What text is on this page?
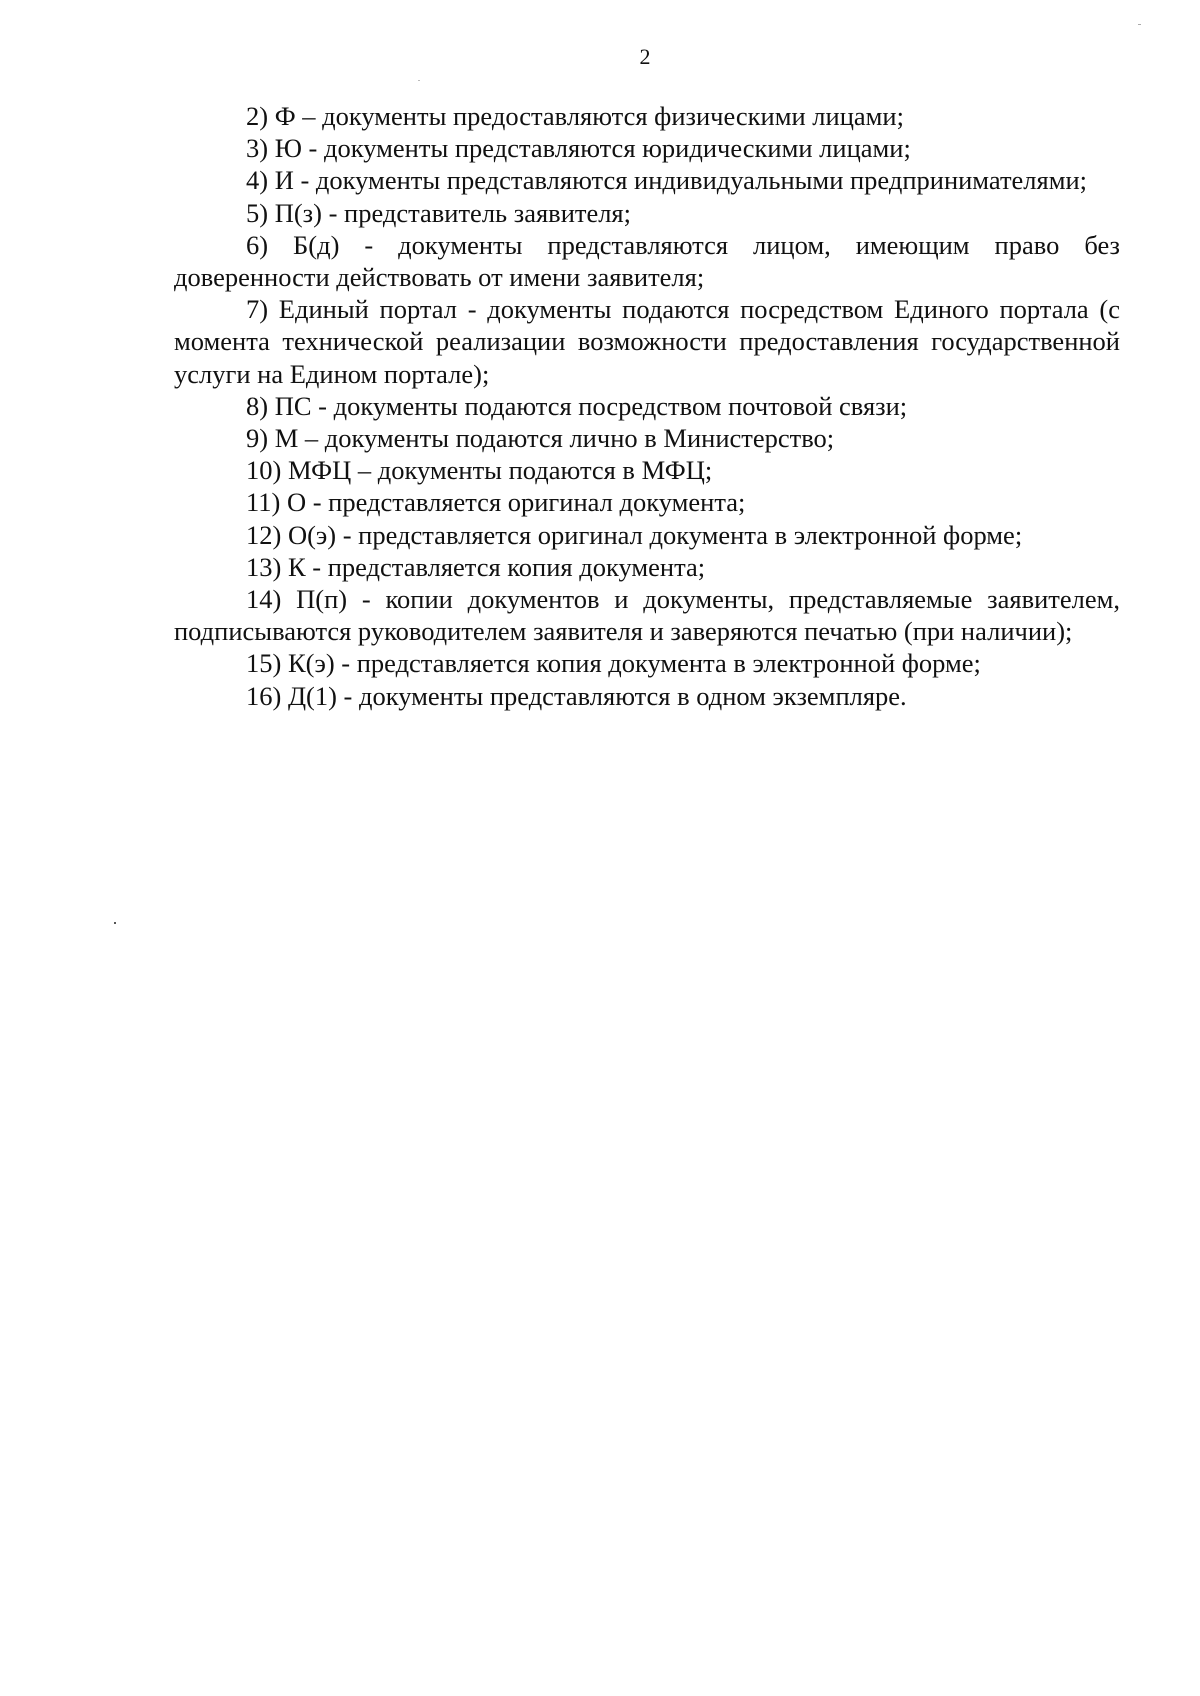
2

2) Ф – документы предоставляются физическими лицами;

3) Ю - документы представляются юридическими лицами;

4) И - документы представляются индивидуальными предпринимателями;

5) П(з) - представитель заявителя;

6) Б(д) - документы представляются лицом, имеющим право без доверенности действовать от имени заявителя;

7) Единый портал - документы подаются посредством Единого портала (с момента технической реализации возможности предоставления государственной услуги на Едином портале);

8) ПС - документы подаются посредством почтовой связи;

9) М – документы подаются лично в Министерство;

10) МФЦ – документы подаются в МФЦ;

11) О - представляется оригинал документа;

12) О(э) - представляется оригинал документа в электронной форме;

13) К - представляется копия документа;

14) П(п) - копии документов и документы, представляемые заявителем, подписываются руководителем заявителя и заверяются печатью (при наличии);

15) К(э) - представляется копия документа в электронной форме;

16) Д(1) - документы представляются в одном экземпляре.
